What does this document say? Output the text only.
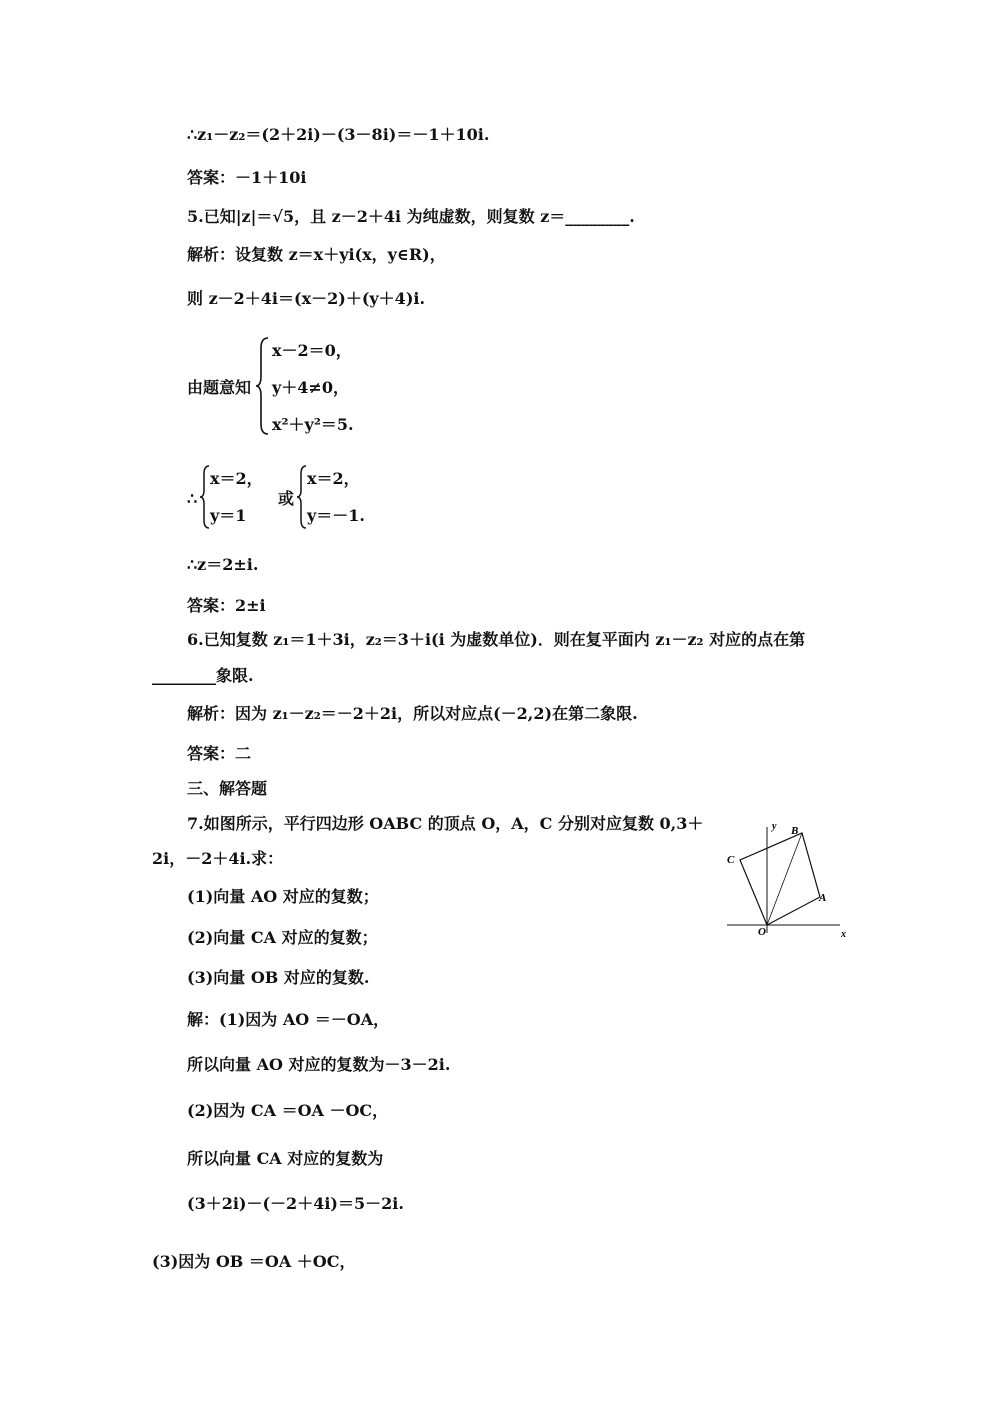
∴z₁－z₂＝(2＋2i)－(3－8i)＝－1＋10i.
答案：－1＋10i
5.已知|z|＝√5，且 z－2＋4i 为纯虚数，则复数 z＝________.
解析：设复数 z＝x＋yi(x，y∈R)，
则 z－2＋4i＝(x－2)＋(y＋4)i.
由题意知
x－2＝0，
y＋4≠0，
x²＋y²＝5.
∴
x＝2，
y＝1
或
x＝2，
y＝－1.
∴z＝2±i.
答案：2±i
6.已知复数 z₁＝1＋3i，z₂＝3＋i(i 为虚数单位)．则在复平面内 z₁－z₂ 对应的点在第
________象限.
解析：因为 z₁－z₂＝－2＋2i，所以对应点(－2,2)在第二象限.
答案：二
三、解答题
7.如图所示，平行四边形 OABC 的顶点 O，A，C 分别对应复数 0,3＋
2i，－2＋4i.求：
(1)向量 AO 对应的复数；
(2)向量 CA 对应的复数；
(3)向量 OB 对应的复数.
解：(1)因为 AO ＝－OA，
所以向量 AO 对应的复数为－3－2i.
(2)因为 CA ＝OA －OC，
所以向量 CA 对应的复数为
(3＋2i)－(－2＋4i)＝5－2i.
(3)因为 OB ＝OA ＋OC，
O
A
B
C
x
y
